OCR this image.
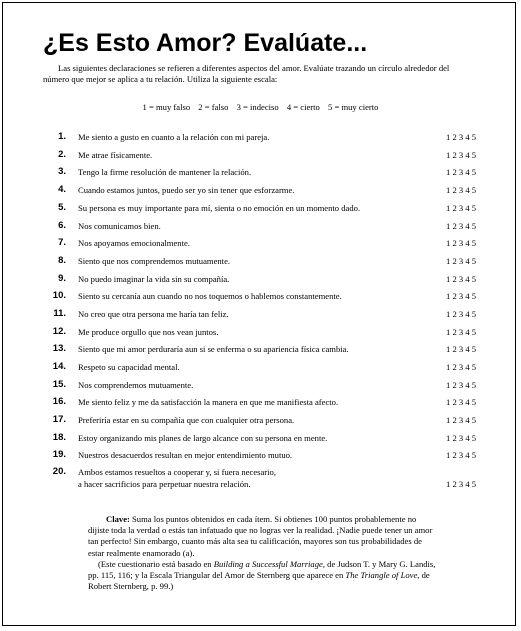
¿Es Esto Amor? Evalúate...

Las siguientes declaraciones se refieren a diferentes aspectos del amor. Evalúate trazando un círculo alrededor del número que mejor se aplica a tu relación. Utiliza la siguiente escala:

1 = muy falso 2 = falso 3 = indeciso 4 = cierto 5 = muy cierto
1. Me siento a gusto en cuanto a la relación con mi pareja.	1 2 3 4 5
2. Me atrae físicamente.	1 2 3 4 5
3. Tengo la firme resolución de mantener la relación.	1 2 3 4 5
4. Cuando estamos juntos, puedo ser yo sin tener que esforzarme.	1 2 3 4 5
5. Su persona es muy importante para mí, sienta o no emoción en un momento dado.	1 2 3 4 5
6. Nos comunicamos bien.	1 2 3 4 5
7. Nos apoyamos emocionalmente.	1 2 3 4 5
8. Siento que nos comprendemos mutuamente.	1 2 3 4 5
9. No puedo imaginar la vida sin su compañía.	1 2 3 4 5
10. Siento su cercanía aun cuando no nos toquemos o hablemos constantemente.	1 2 3 4 5
11. No creo que otra persona me haría tan feliz.	1 2 3 4 5
12. Me produce orgullo que nos vean juntos.	1 2 3 4 5
13. Siento que mi amor perduraría aun si se enferma o su apariencia física cambia.	1 2 3 4 5
14. Respeto su capacidad mental.	1 2 3 4 5
15. Nos comprendemos mutuamente.	1 2 3 4 5
16. Me siento feliz y me da satisfacción la manera en que me manifiesta afecto.	1 2 3 4 5
17. Preferiría estar en su compañía que con cualquier otra persona.	1 2 3 4 5
18. Estoy organizando mis planes de largo alcance con su persona en mente.	1 2 3 4 5
19. Nuestros desacuerdos resultan en mejor entendimiento mutuo.	1 2 3 4 5
20. Ambos estamos resueltos a cooperar y, si fuera necesario,
a hacer sacrificios para perpetuar nuestra relación.	1 2 3 4 5
Clave: Suma los puntos obtenidos en cada ítem. Si obtienes 100 puntos probablemente no dijiste toda la verdad o estás tan infatuado que no logras ver la realidad. ¡Nadie puede tener un amor tan perfecto! Sin embargo, cuanto más alta sea tu calificación, mayores son tus probabilidades de estar realmente enamorado (a).
(Este cuestionario está basado en Building a Successful Marriage, de Judson T. y Mary G. Landis, pp. 115, 116; y la Escala Triangular del Amor de Sternberg que aparece en The Triangle of Love, de Robert Sternberg, p. 99.)
